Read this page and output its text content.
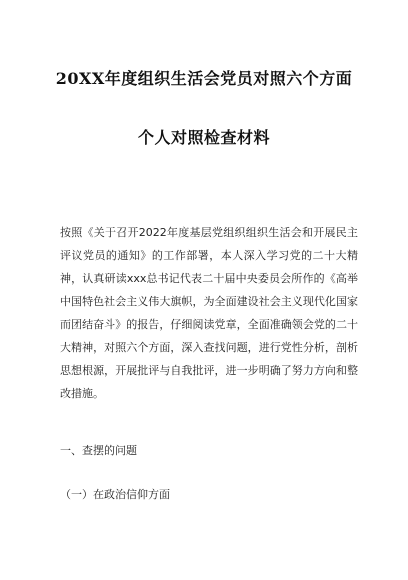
20XX年度组织生活会党员对照六个方面
个人对照检查材料
按照《关于召开2022年度基层党组织组织生活会和开展民主评议党员的通知》的工作部署，本人深入学习党的二十大精神，认真研读xxx总书记代表二十届中央委员会所作的《高举中国特色社会主义伟大旗帜，为全面建设社会主义现代化国家而团结奋斗》的报告，仔细阅读党章，全面准确领会党的二十大精神，对照六个方面，深入查找问题，进行党性分析，剖析思想根源，开展批评与自我批评，进一步明确了努力方向和整改措施。
一、查摆的问题
（一）在政治信仰方面
